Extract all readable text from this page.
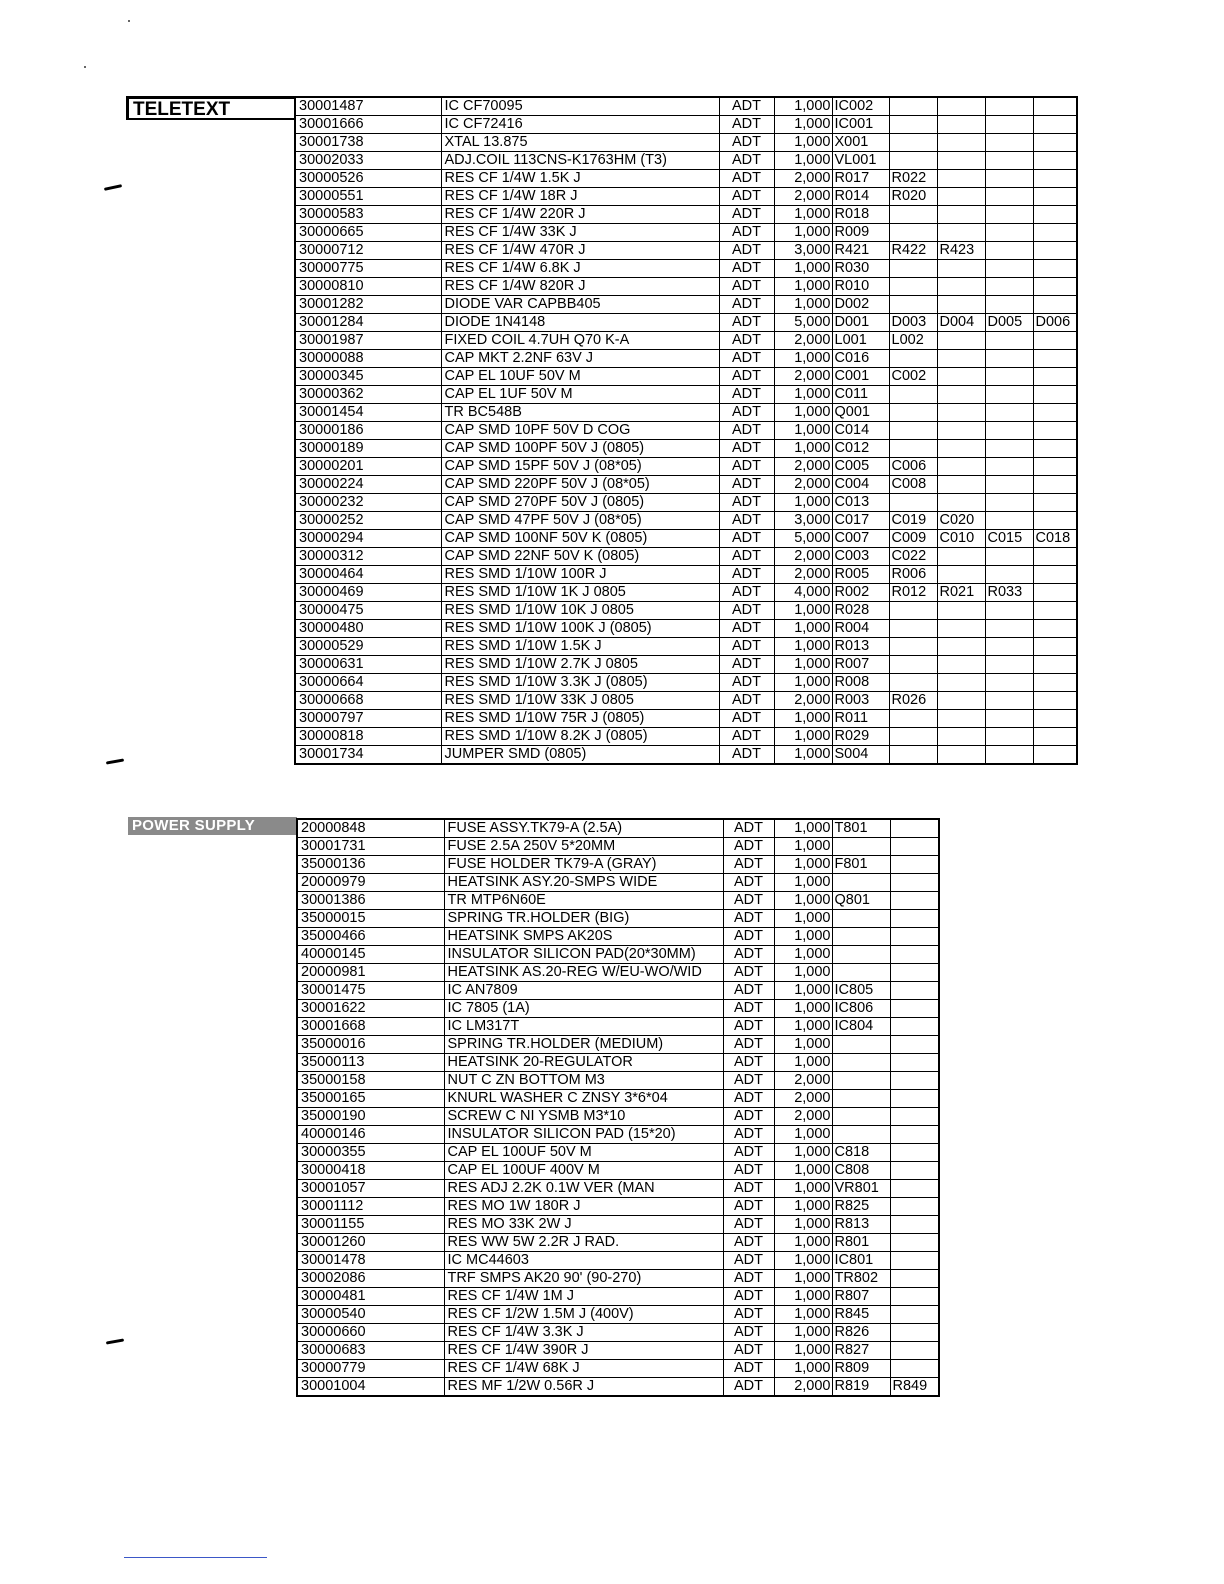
TELETEXT	30001487	IC CF70095	ADT	1,000	IC002				
30001666	IC CF72416	ADT	1,000	IC001				
30001738	XTAL 13.875	ADT	1,000	X001				
30002033	ADJ.COIL 113CNS-K1763HM (T3)	ADT	1,000	VL001				
30000526	RES CF 1/4W 1.5K J	ADT	2,000	R017	R022			
30000551	RES CF 1/4W 18R J	ADT	2,000	R014	R020			
30000583	RES CF 1/4W 220R J	ADT	1,000	R018				
30000665	RES CF 1/4W 33K J	ADT	1,000	R009				
30000712	RES CF 1/4W 470R J	ADT	3,000	R421	R422	R423		
30000775	RES CF 1/4W 6.8K J	ADT	1,000	R030				
30000810	RES CF 1/4W 820R J	ADT	1,000	R010				
30001282	DIODE VAR CAPBB405	ADT	1,000	D002				
30001284	DIODE 1N4148	ADT	5,000	D001	D003	D004	D005	D006
30001987	FIXED COIL 4.7UH Q70 K-A	ADT	2,000	L001	L002			
30000088	CAP MKT 2.2NF 63V J	ADT	1,000	C016				
30000345	CAP EL 10UF 50V M	ADT	2,000	C001	C002			
30000362	CAP EL 1UF 50V M	ADT	1,000	C011				
30001454	TR BC548B	ADT	1,000	Q001				
30000186	CAP SMD 10PF 50V D COG	ADT	1,000	C014				
30000189	CAP SMD 100PF 50V J (0805)	ADT	1,000	C012				
30000201	CAP SMD 15PF 50V J (08*05)	ADT	2,000	C005	C006			
30000224	CAP SMD 220PF 50V J (08*05)	ADT	2,000	C004	C008			
30000232	CAP SMD 270PF 50V J (0805)	ADT	1,000	C013				
30000252	CAP SMD 47PF 50V J (08*05)	ADT	3,000	C017	C019	C020		
30000294	CAP SMD 100NF 50V K (0805)	ADT	5,000	C007	C009	C010	C015	C018
30000312	CAP SMD 22NF 50V K (0805)	ADT	2,000	C003	C022			
30000464	RES SMD 1/10W 100R J	ADT	2,000	R005	R006			
30000469	RES SMD 1/10W 1K J 0805	ADT	4,000	R002	R012	R021	R033	
30000475	RES SMD 1/10W 10K J 0805	ADT	1,000	R028				
30000480	RES SMD 1/10W 100K J (0805)	ADT	1,000	R004				
30000529	RES SMD 1/10W 1.5K J	ADT	1,000	R013				
30000631	RES SMD 1/10W 2.7K J 0805	ADT	1,000	R007				
30000664	RES SMD 1/10W 3.3K J (0805)	ADT	1,000	R008				
30000668	RES SMD 1/10W 33K J 0805	ADT	2,000	R003	R026			
30000797	RES SMD 1/10W 75R J (0805)	ADT	1,000	R011				
30000818	RES SMD 1/10W 8.2K J (0805)	ADT	1,000	R029				
30001734	JUMPER SMD (0805)	ADT	1,000	S004				
POWER SUPPLY	20000848	FUSE ASSY.TK79-A (2.5A)	ADT	1,000	T801	
30001731	FUSE 2.5A 250V 5*20MM	ADT	1,000		
35000136	FUSE HOLDER TK79-A (GRAY)	ADT	1,000	F801	
20000979	HEATSINK ASY.20-SMPS WIDE	ADT	1,000		
30001386	TR MTP6N60E	ADT	1,000	Q801	
35000015	SPRING TR.HOLDER (BIG)	ADT	1,000		
35000466	HEATSINK SMPS AK20S	ADT	1,000		
40000145	INSULATOR SILICON PAD(20*30MM)	ADT	1,000		
20000981	HEATSINK AS.20-REG W/EU-WO/WID	ADT	1,000		
30001475	IC AN7809	ADT	1,000	IC805	
30001622	IC 7805 (1A)	ADT	1,000	IC806	
30001668	IC LM317T	ADT	1,000	IC804	
35000016	SPRING TR.HOLDER (MEDIUM)	ADT	1,000		
35000113	HEATSINK 20-REGULATOR	ADT	1,000		
35000158	NUT C ZN BOTTOM M3	ADT	2,000		
35000165	KNURL WASHER C ZNSY 3*6*04	ADT	2,000		
35000190	SCREW C NI YSMB M3*10	ADT	2,000		
40000146	INSULATOR SILICON PAD (15*20)	ADT	1,000		
30000355	CAP EL 100UF 50V M	ADT	1,000	C818	
30000418	CAP EL 100UF 400V M	ADT	1,000	C808	
30001057	RES ADJ 2.2K 0.1W VER (MAN	ADT	1,000	VR801	
30001112	RES MO 1W 180R J	ADT	1,000	R825	
30001155	RES MO 33K 2W J	ADT	1,000	R813	
30001260	RES WW 5W 2.2R J RAD.	ADT	1,000	R801	
30001478	IC MC44603	ADT	1,000	IC801	
30002086	TRF SMPS AK20 90' (90-270)	ADT	1,000	TR802	
30000481	RES CF 1/4W 1M J	ADT	1,000	R807	
30000540	RES CF 1/2W 1.5M J (400V)	ADT	1,000	R845	
30000660	RES CF 1/4W 3.3K J	ADT	1,000	R826	
30000683	RES CF 1/4W 390R J	ADT	1,000	R827	
30000779	RES CF 1/4W 68K J	ADT	1,000	R809	
30001004	RES MF 1/2W 0.56R J	ADT	2,000	R819	R849
